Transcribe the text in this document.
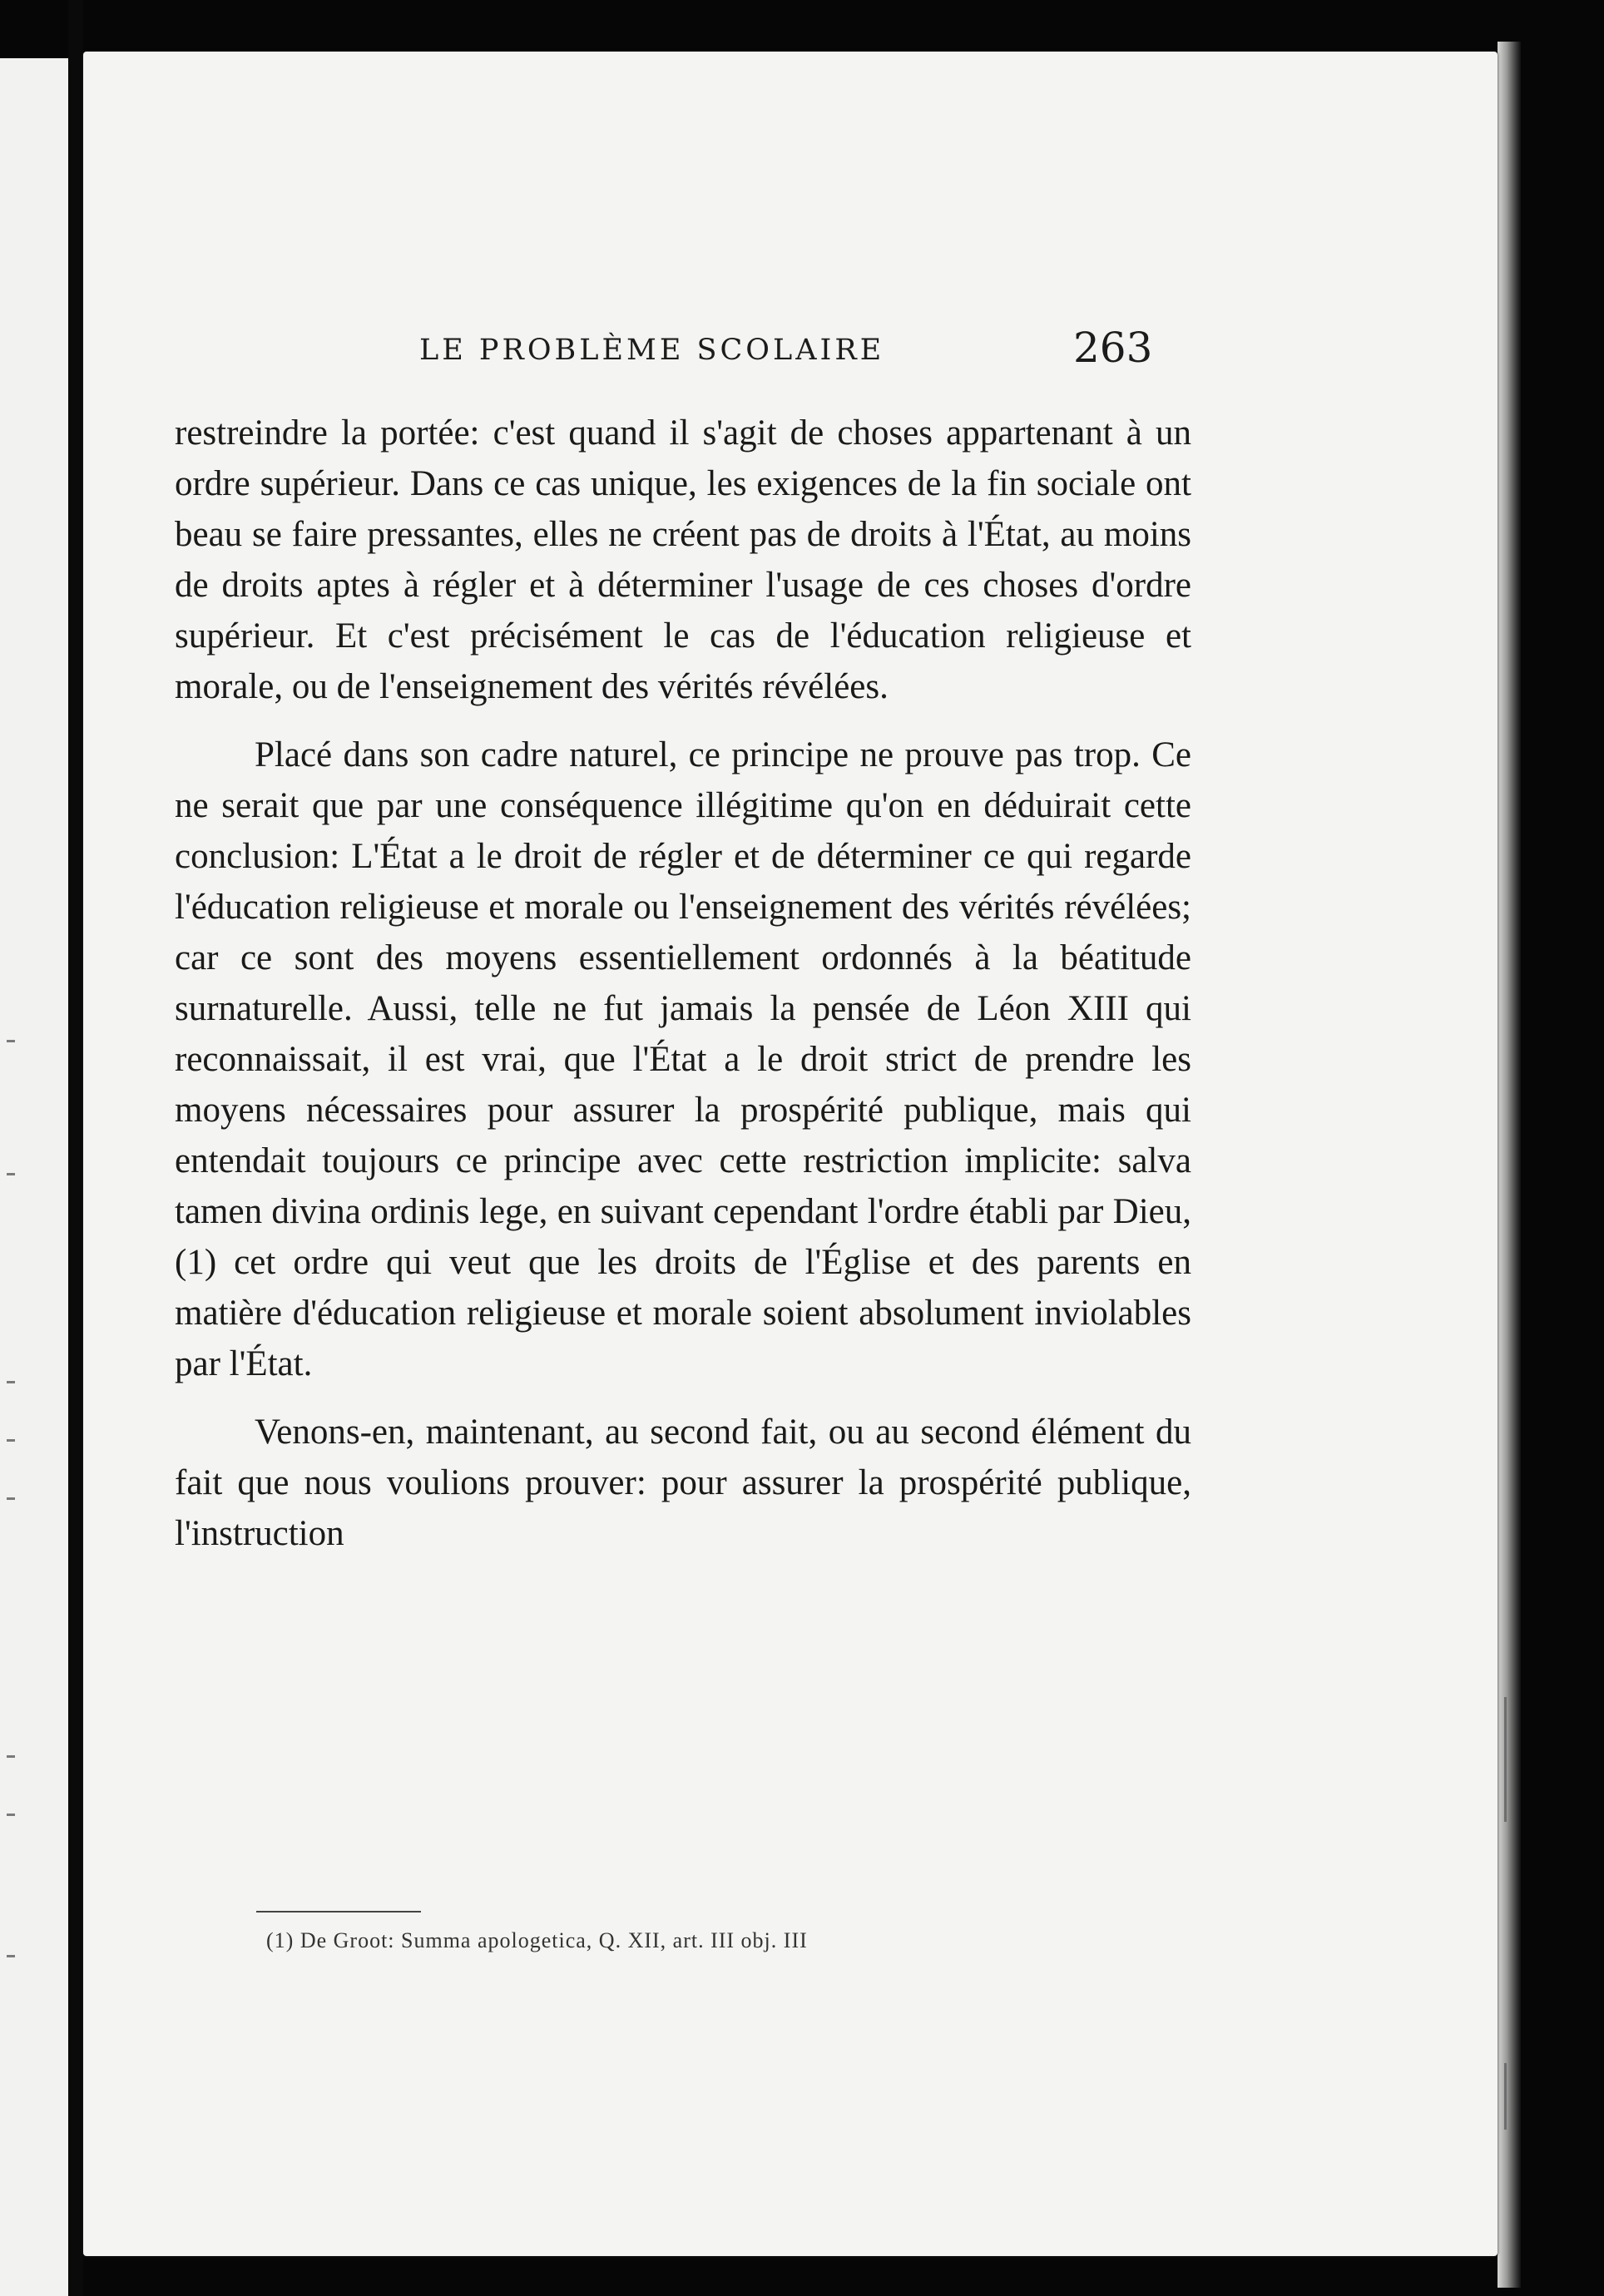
LE PROBLÈME SCOLAIRE	263

restreindre la portée: c'est quand il s'agit de choses appartenant à un ordre supérieur. Dans ce cas unique, les exigences de la fin sociale ont beau se faire pressantes, elles ne créent pas de droits à l'État, au moins de droits aptes à régler et à déterminer l'usage de ces choses d'ordre supérieur. Et c'est précisément le cas de l'éducation religieuse et morale, ou de l'enseignement des vérités révélées.

Placé dans son cadre naturel, ce principe ne prouve pas trop. Ce ne serait que par une conséquence illégitime qu'on en déduirait cette conclusion: L'État a le droit de régler et de déterminer ce qui regarde l'éducation religieuse et morale ou l'enseignement des vérités révélées; car ce sont des moyens essentiellement ordonnés à la béatitude surnaturelle. Aussi, telle ne fut jamais la pensée de Léon XIII qui reconnaissait, il est vrai, que l'État a le droit strict de prendre les moyens nécessaires pour assurer la prospérité publique, mais qui entendait toujours ce principe avec cette restriction implicite: salva tamen divina ordinis lege, en suivant cependant l'ordre établi par Dieu,(1) cet ordre qui veut que les droits de l'Église et des parents en matière d'éducation religieuse et morale soient absolument inviolables par l'État.

Venons-en, maintenant, au second fait, ou au second élément du fait que nous voulions prouver: pour assurer la prospérité publique, l'instruction

(1) De Groot: Summa apologetica, Q. XII, art. III obj. III
